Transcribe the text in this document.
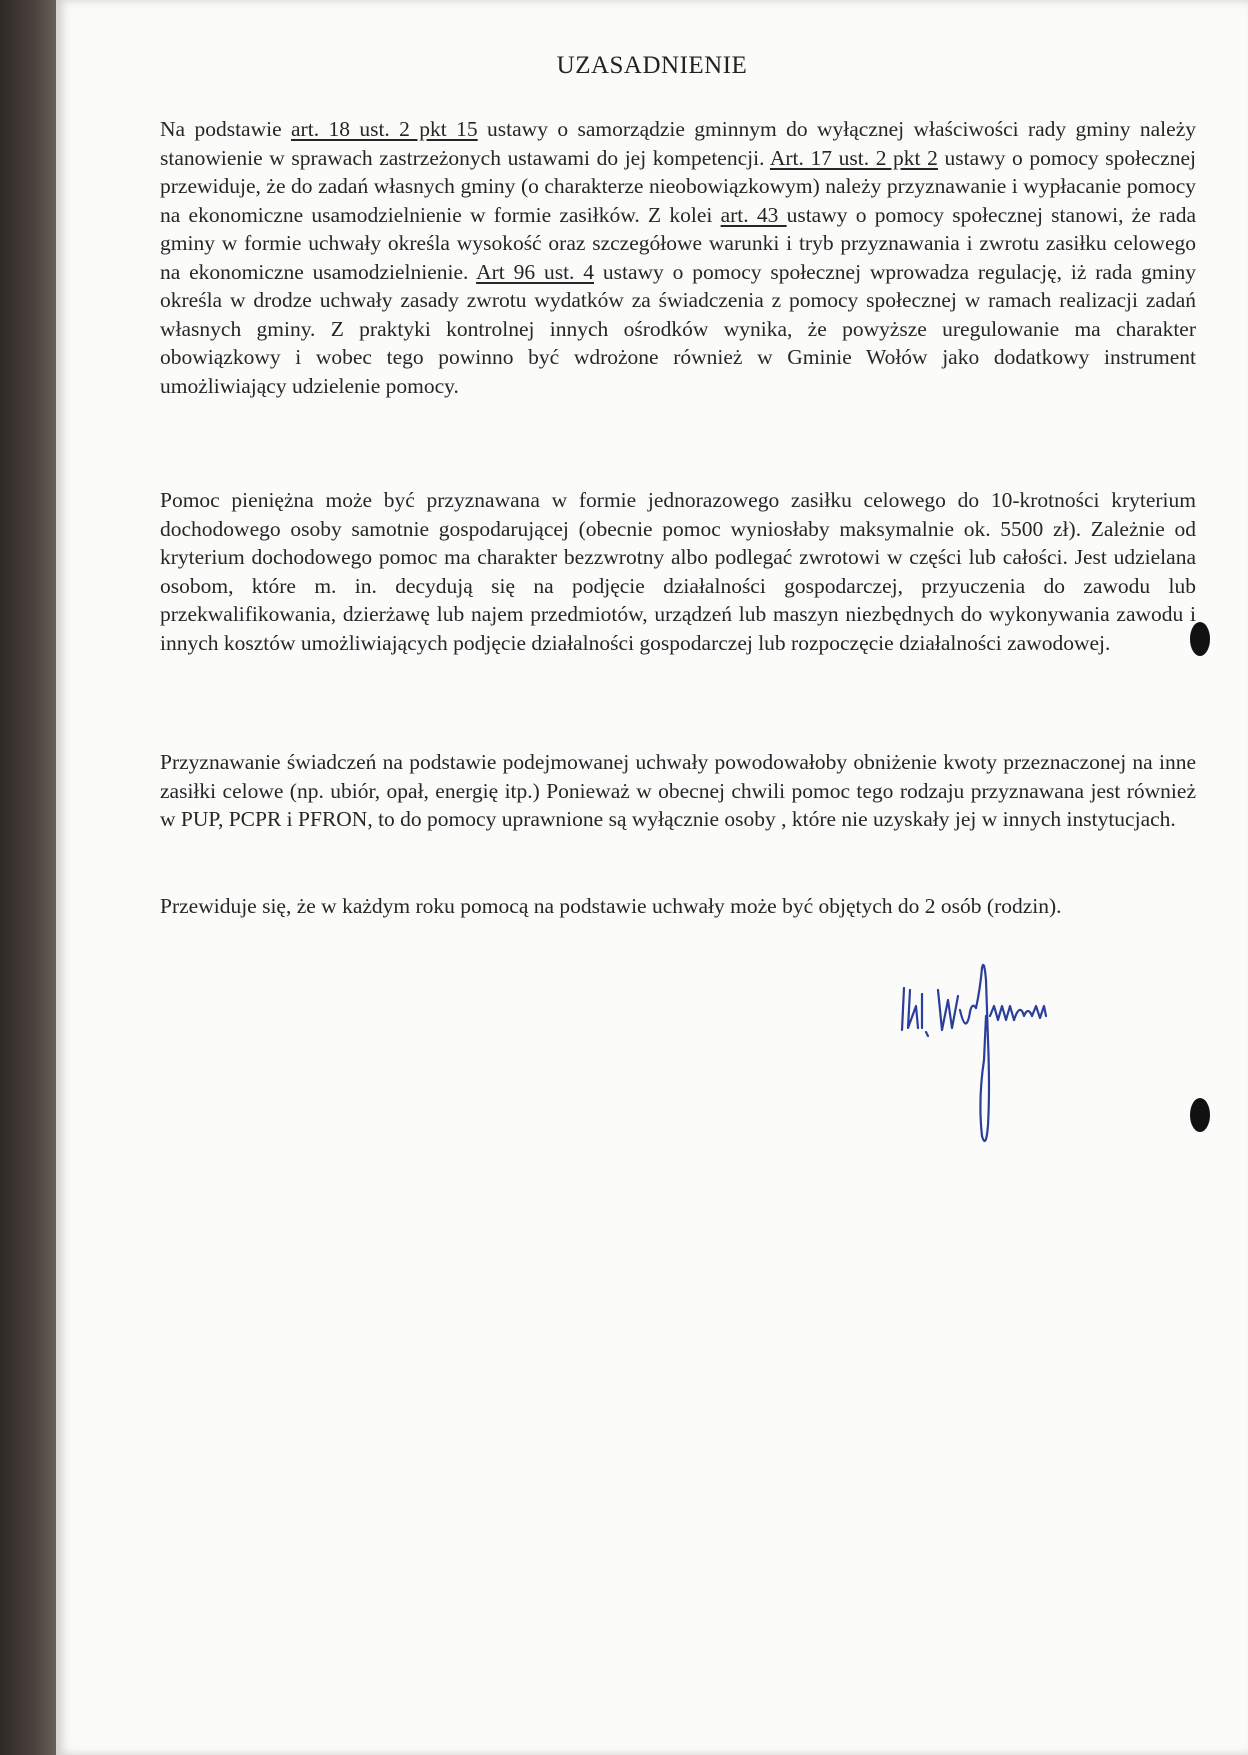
UZASADNIENIE

Na podstawie art. 18 ust. 2 pkt 15 ustawy o samorządzie gminnym do wyłącznej właściwości rady gminy należy stanowienie w sprawach zastrzeżonych ustawami do jej kompetencji. Art. 17 ust. 2 pkt 2 ustawy o pomocy społecznej przewiduje, że do zadań własnych gminy (o charakterze nieobowiązkowym) należy przyznawanie i wypłacanie pomocy na ekonomiczne usamodzielnienie w formie zasiłków. Z kolei art. 43 ustawy o pomocy społecznej stanowi, że rada gminy w formie uchwały określa wysokość oraz szczegółowe warunki i tryb przyznawania i zwrotu zasiłku celowego na ekonomiczne usamodzielnienie. Art 96 ust. 4 ustawy o pomocy społecznej wprowadza regulację, iż rada gminy określa w drodze uchwały zasady zwrotu wydatków za świadczenia z pomocy społecznej w ramach realizacji zadań własnych gminy. Z praktyki kontrolnej innych ośrodków wynika, że powyższe uregulowanie ma charakter obowiązkowy i wobec tego powinno być wdrożone również w Gminie Wołów jako dodatkowy instrument umożliwiający udzielenie pomocy.

Pomoc pieniężna może być przyznawana w formie jednorazowego zasiłku celowego do 10-krotności kryterium dochodowego osoby samotnie gospodarującej (obecnie pomoc wyniosłaby maksymalnie ok. 5500 zł). Zależnie od kryterium dochodowego pomoc ma charakter bezzwrotny albo podlegać zwrotowi w części lub całości. Jest udzielana osobom, które m. in. decydują się na podjęcie działalności gospodarczej, przyuczenia do zawodu lub przekwalifikowania, dzierżawę lub najem przedmiotów, urządzeń lub maszyn niezbędnych do wykonywania zawodu i innych kosztów umożliwiających podjęcie działalności gospodarczej lub rozpoczęcie działalności zawodowej.

Przyznawanie świadczeń na podstawie podejmowanej uchwały powodowałoby obniżenie kwoty przeznaczonej na inne zasiłki celowe (np. ubiór, opał, energię itp.) Ponieważ w obecnej chwili pomoc tego rodzaju przyznawana jest również w PUP, PCPR i PFRON, to do pomocy uprawnione są wyłącznie osoby , które nie uzyskały jej w innych instytucjach.

Przewiduje się, że w każdym roku pomocą na podstawie uchwały może być objętych do 2 osób (rodzin).
